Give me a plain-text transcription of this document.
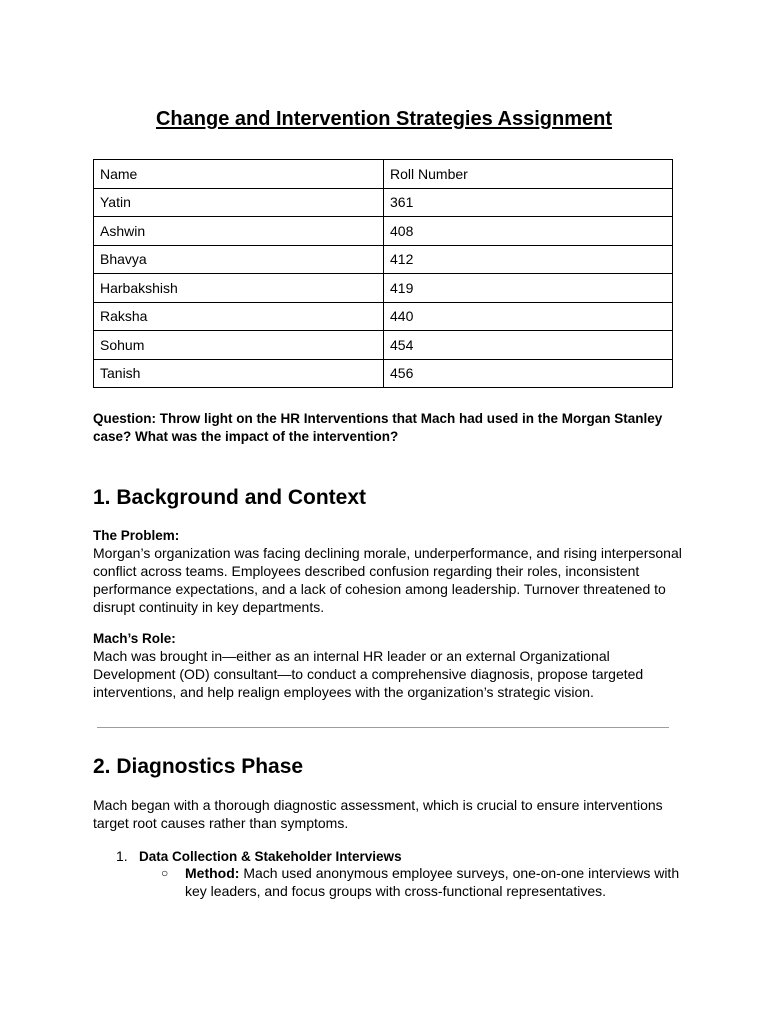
Change and Intervention Strategies Assignment
Name	Roll Number
Yatin	361
Ashwin	408
Bhavya	412
Harbakshish	419
Raksha	440
Sohum	454
Tanish	456

Question: Throw light on the HR Interventions that Mach had used in the Morgan Stanley case? What was the impact of the intervention?

1. Background and Context
The Problem:
Morgan’s organization was facing declining morale, underperformance, and rising interpersonal conflict across teams. Employees described confusion regarding their roles, inconsistent performance expectations, and a lack of cohesion among leadership. Turnover threatened to disrupt continuity in key departments.
Mach’s Role:
Mach was brought in—either as an internal HR leader or an external Organizational Development (OD) consultant—to conduct a comprehensive diagnosis, propose targeted interventions, and help realign employees with the organization’s strategic vision.
2. Diagnostics Phase
Mach began with a thorough diagnostic assessment, which is crucial to ensure interventions target root causes rather than symptoms.
1. Data Collection & Stakeholder Interviews
○ Method: Mach used anonymous employee surveys, one-on-one interviews with key leaders, and focus groups with cross-functional representatives.
